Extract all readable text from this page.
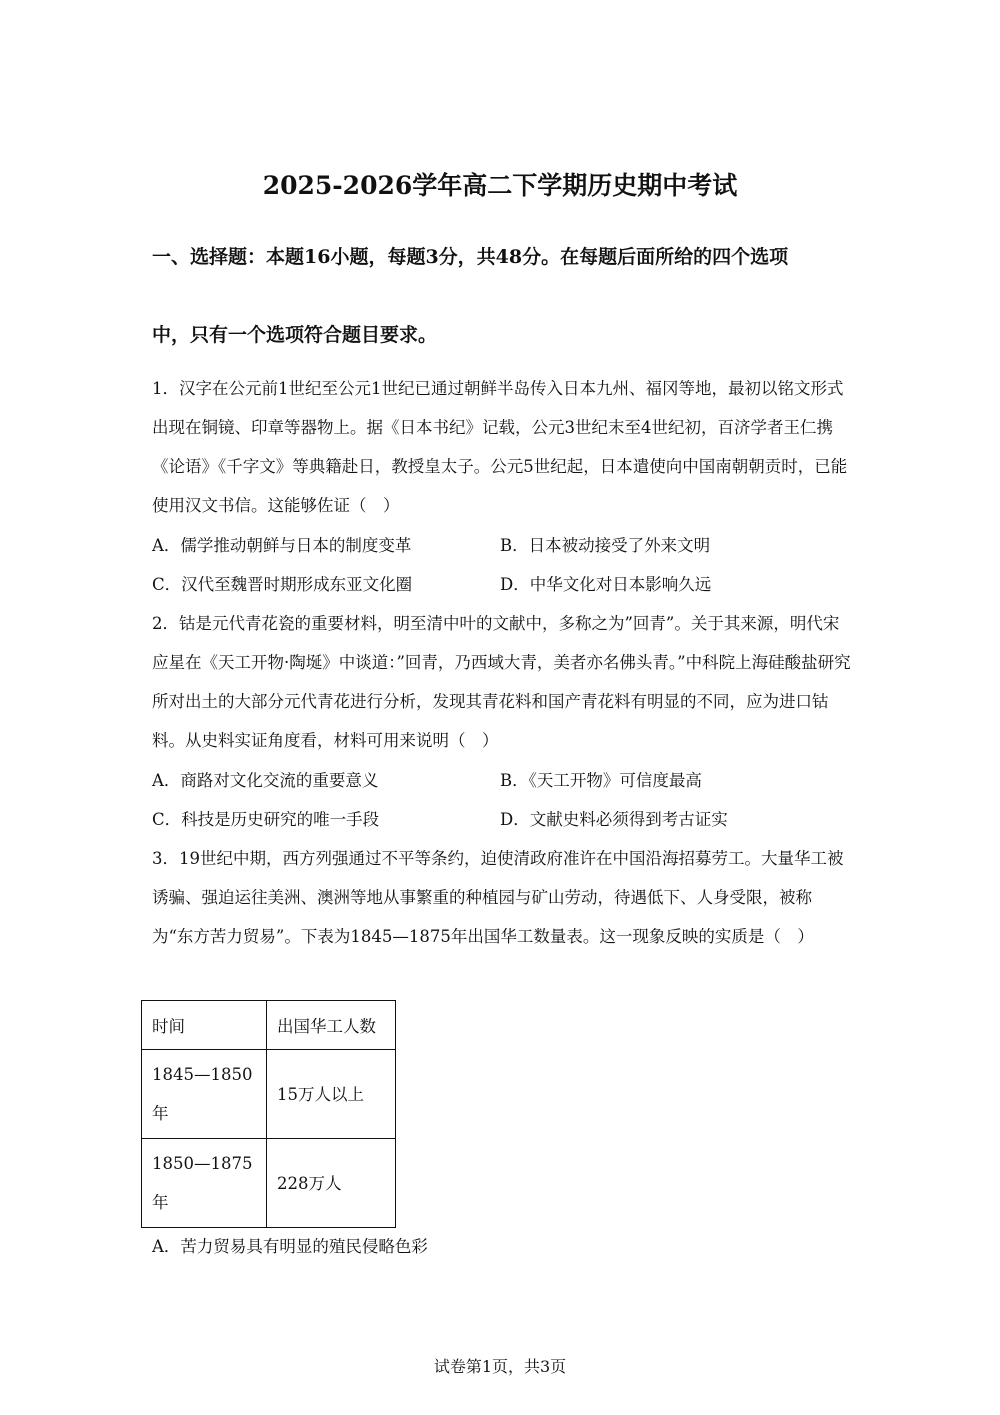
2025-2026学年高二下学期历史期中考试
一、选择题：本题16小题，每题3分，共48分。在每题后面所给的四个选项
中，只有一个选项符合题目要求。

1．汉字在公元前1世纪至公元1世纪已通过朝鲜半岛传入日本九州、福冈等地，最初以铭文形式出现在铜镜、印章等器物上。据《日本书纪》记载，公元3世纪末至4世纪初，百济学者王仁携《论语》《千字文》等典籍赴日，教授皇太子。公元5世纪起，日本遣使向中国南朝朝贡时，已能使用汉文书信。这能够佐证（　）

A．儒学推动朝鲜与日本的制度变革	B．日本被动接受了外来文明
C．汉代至魏晋时期形成东亚文化圈	D．中华文化对日本影响久远

2．钴是元代青花瓷的重要材料，明至清中叶的文献中，多称之为”回青”。关于其来源，明代宋应星在《天工开物·陶埏》中谈道：”回青，乃西域大青，美者亦名佛头青。”中科院上海硅酸盐研究所对出土的大部分元代青花进行分析，发现其青花料和国产青花料有明显的不同，应为进口钴料。从史料实证角度看，材料可用来说明（　）

A．商路对文化交流的重要意义	B．《天工开物》可信度最高
C．科技是历史研究的唯一手段	D．文献史料必须得到考古证实

3．19世纪中期，西方列强通过不平等条约，迫使清政府准许在中国沿海招募劳工。大量华工被诱骗、强迫运往美洲、澳洲等地从事繁重的种植园与矿山劳动，待遇低下、人身受限，被称为“东方苦力贸易”。下表为1845—1875年出国华工数量表。这一现象反映的实质是（　）

时间	出国华工人数
1845—1850年	15万人以上
1850—1875年	228万人
A．苦力贸易具有明显的殖民侵略色彩
试卷第1页，共3页
